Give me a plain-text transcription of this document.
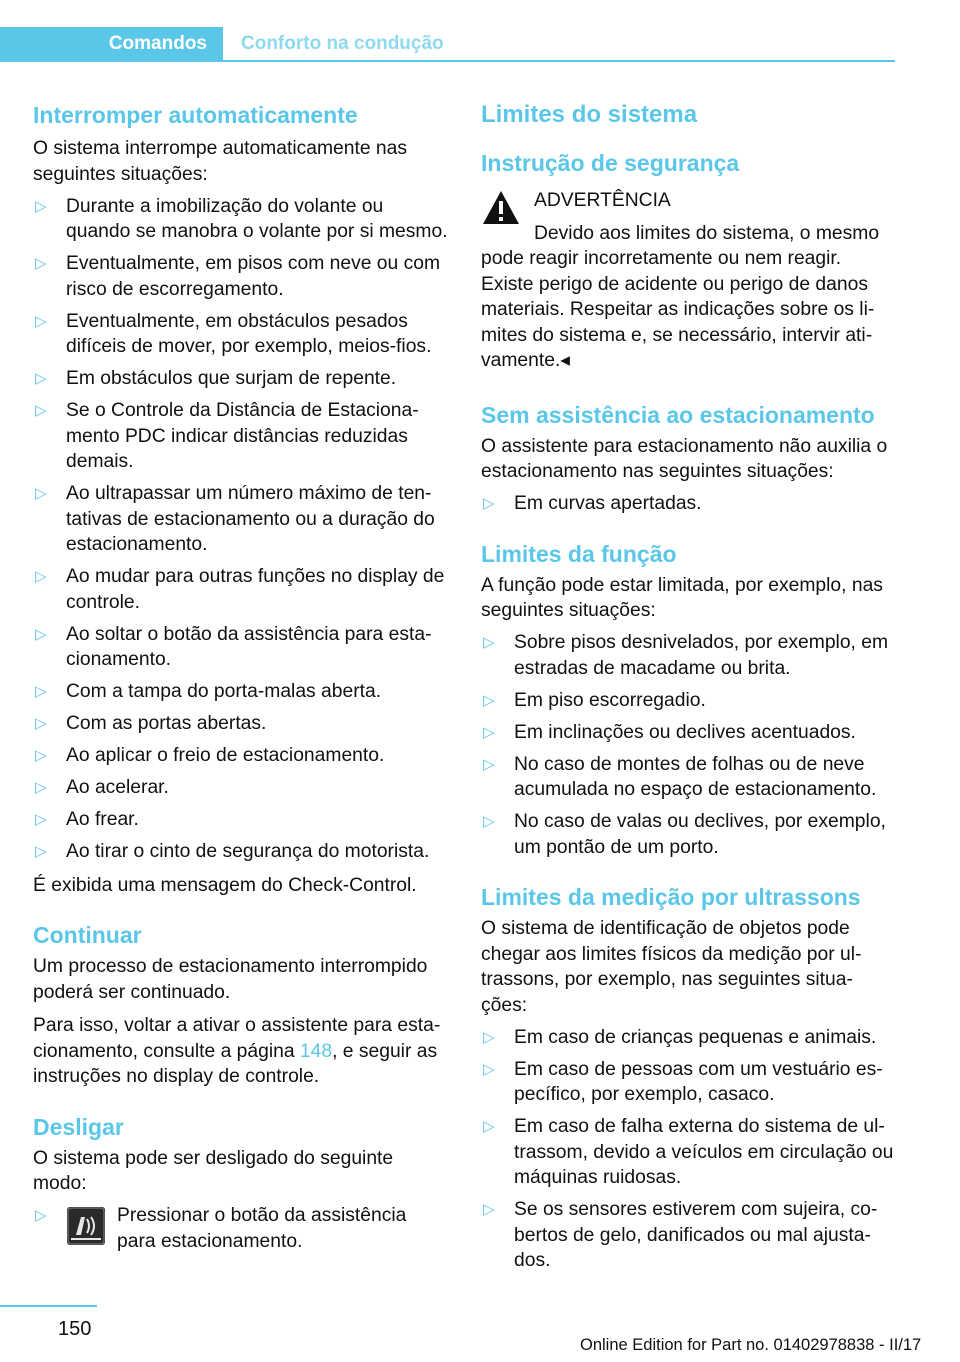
Comandos Conforto na condução
Interromper automaticamente

O sistema interrompe automaticamente nas seguintes situações:

▷ Durante a imobilização do volante ou quando se manobra o volante por si mesmo.
▷ Eventualmente, em pisos com neve ou com risco de escorregamento.
▷ Eventualmente, em obstáculos pesados difíceis de mover, por exemplo, meios-fios.
▷ Em obstáculos que surjam de repente.
▷ Se o Controle da Distância de Estaciona-mento PDC indicar distâncias reduzidas demais.
▷ Ao ultrapassar um número máximo de ten-tativas de estacionamento ou a duração do estacionamento.
▷ Ao mudar para outras funções no display de controle.
▷ Ao soltar o botão da assistência para esta-cionamento.
▷ Com a tampa do porta-malas aberta.
▷ Com as portas abertas.
▷ Ao aplicar o freio de estacionamento.
▷ Ao acelerar.
▷ Ao frear.
▷ Ao tirar o cinto de segurança do motorista.

É exibida uma mensagem do Check-Control.

Continuar

Um processo de estacionamento interrompido poderá ser continuado.

Para isso, voltar a ativar o assistente para esta-cionamento, consulte a página 148, e seguir as instruções no display de controle.

Desligar

O sistema pode ser desligado do seguinte modo:

▷	Pressionar o botão da assistência para estacionamento.
Limites do sistema
Instrução de segurança

ADVERTÊNCIA

Devido aos limites do sistema, o mesmo pode reagir incorretamente ou nem reagir. Existe perigo de acidente ou perigo de danos materiais. Respeitar as indicações sobre os li-mites do sistema e, se necessário, intervir ati-vamente.◂

Sem assistência ao estacionamento

O assistente para estacionamento não auxilia o estacionamento nas seguintes situações:

▷ Em curvas apertadas.
Limites da função

A função pode estar limitada, por exemplo, nas seguintes situações:

▷ Sobre pisos desnivelados, por exemplo, em estradas de macadame ou brita.
▷ Em piso escorregadio.
▷ Em inclinações ou declives acentuados.
▷ No caso de montes de folhas ou de neve acumulada no espaço de estacionamento.
▷ No caso de valas ou declives, por exemplo, um pontão de um porto.
Limites da medição por ultrassons

O sistema de identificação de objetos pode chegar aos limites físicos da medição por ul-trassons, por exemplo, nas seguintes situa-ções:

▷ Em caso de crianças pequenas e animais.
▷ Em caso de pessoas com um vestuário es-pecífico, por exemplo, casaco.
▷ Em caso de falha externa do sistema de ul-trassom, devido a veículos em circulação ou máquinas ruidosas.
▷ Se os sensores estiverem com sujeira, co-bertos de gelo, danificados ou mal ajusta-dos.
150
Online Edition for Part no. 01402978838 - II/17
